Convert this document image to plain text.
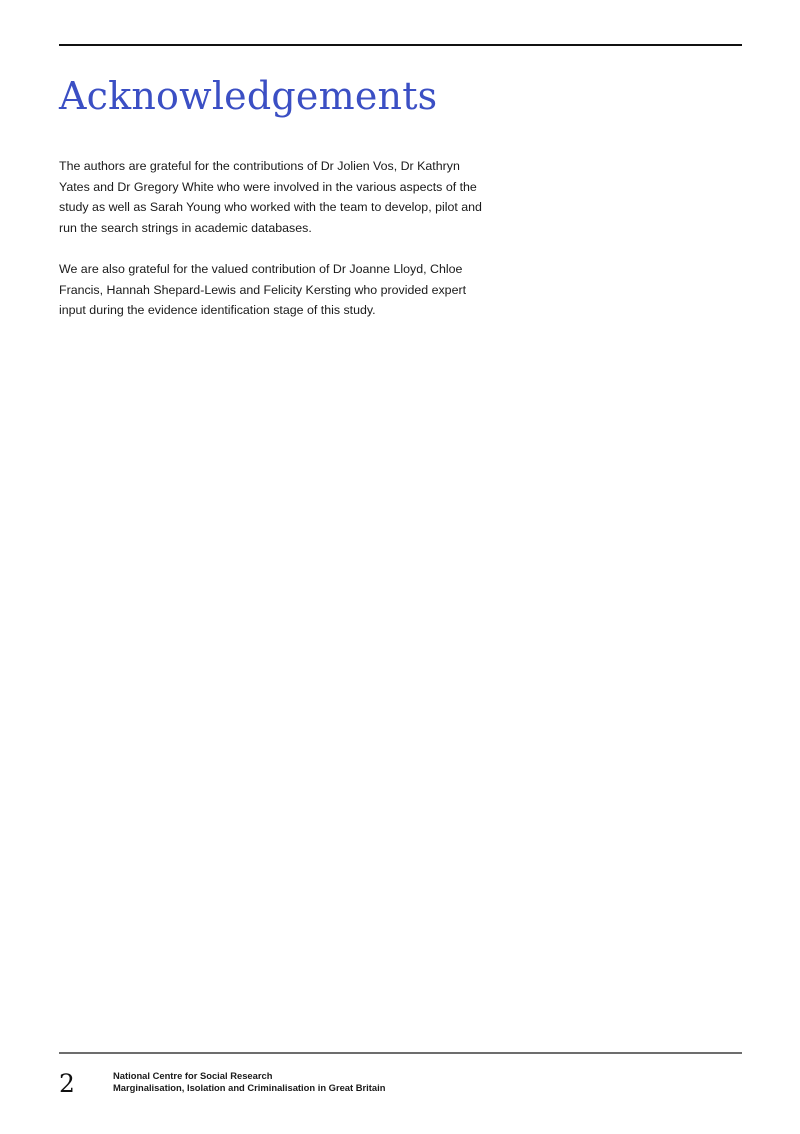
Acknowledgements

The authors are grateful for the contributions of Dr Jolien Vos, Dr Kathryn
Yates and Dr Gregory White who were involved in the various aspects of the
study as well as Sarah Young who worked with the team to develop, pilot and
run the search strings in academic databases.

We are also grateful for the valued contribution of Dr Joanne Lloyd, Chloe
Francis, Hannah Shepard-Lewis and Felicity Kersting who provided expert
input during the evidence identification stage of this study.

2	National Centre for Social Research
Marginalisation, Isolation and Criminalisation in Great Britain
